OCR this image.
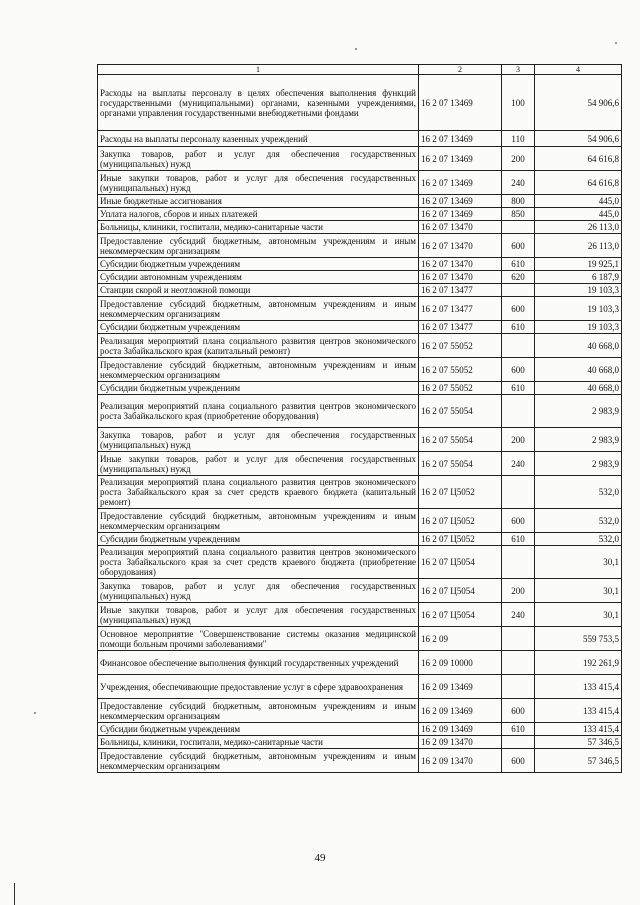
1	2	3	4
Расходы на выплаты персоналу в целях обеспечения выполнения функций государственными (муниципальными) органами, казенными учреждениями, органами управления государственными внебюджетными фондами	16 2 07 13469	100	54 906,6
Расходы на выплаты персоналу казенных учреждений	16 2 07 13469	110	54 906,6
Закупка товаров, работ и услуг для обеспечения государственных (муниципальных) нужд	16 2 07 13469	200	64 616,8
Иные закупки товаров, работ и услуг для обеспечения государственных (муниципальных) нужд	16 2 07 13469	240	64 616,8
Иные бюджетные ассигнования	16 2 07 13469	800	445,0
Уплата налогов, сборов и иных платежей	16 2 07 13469	850	445,0
Больницы, клиники, госпитали, медико-санитарные части	16 2 07 13470		26 113,0
Предоставление субсидий бюджетным, автономным учреждениям и иным некоммерческим организациям	16 2 07 13470	600	26 113,0
Субсидии бюджетным учреждениям	16 2 07 13470	610	19 925,1
Субсидии автономным учреждениям	16 2 07 13470	620	6 187,9
Станции скорой и неотложной помощи	16 2 07 13477		19 103,3
Предоставление субсидий бюджетным, автономным учреждениям и иным некоммерческим организациям	16 2 07 13477	600	19 103,3
Субсидии бюджетным учреждениям	16 2 07 13477	610	19 103,3
Реализация мероприятий плана социального развития центров экономического роста Забайкальского края (капитальный ремонт)	16 2 07 55052		40 668,0
Предоставление субсидий бюджетным, автономным учреждениям и иным некоммерческим организациям	16 2 07 55052	600	40 668,0
Субсидии бюджетным учреждениям	16 2 07 55052	610	40 668,0
Реализация мероприятий плана социального развития центров экономического роста Забайкальского края (приобретение оборудования)	16 2 07 55054		2 983,9
Закупка товаров, работ и услуг для обеспечения государственных (муниципальных) нужд	16 2 07 55054	200	2 983,9
Иные закупки товаров, работ и услуг для обеспечения государственных (муниципальных) нужд	16 2 07 55054	240	2 983,9
Реализация мероприятий плана социального развития центров экономического роста Забайкальского края за счет средств краевого бюджета (капитальный ремонт)	16 2 07 Ц5052		532,0
Предоставление субсидий бюджетным, автономным учреждениям и иным некоммерческим организациям	16 2 07 Ц5052	600	532,0
Субсидии бюджетным учреждениям	16 2 07 Ц5052	610	532,0
Реализация мероприятий плана социального развития центров экономического роста Забайкальского края за счет средств краевого бюджета (приобретение оборудования)	16 2 07 Ц5054		30,1
Закупка товаров, работ и услуг для обеспечения государственных (муниципальных) нужд	16 2 07 Ц5054	200	30,1
Иные закупки товаров, работ и услуг для обеспечения государственных (муниципальных) нужд	16 2 07 Ц5054	240	30,1
Основное мероприятие "Совершенствование системы оказания медицинской помощи больным прочими заболеваниями"	16 2 09		559 753,5
Финансовое обеспечение выполнения функций государственных учреждений	16 2 09 10000		192 261,9
Учреждения, обеспечивающие предоставление услуг в сфере здравоохранения	16 2 09 13469		133 415,4
Предоставление субсидий бюджетным, автономным учреждениям и иным некоммерческим организациям	16 2 09 13469	600	133 415,4
Субсидии бюджетным учреждениям	16 2 09 13469	610	133 415,4
Больницы, клиники, госпитали, медико-санитарные части	16 2 09 13470		57 346,5
Предоставление субсидий бюджетным, автономным учреждениям и иным некоммерческим организациям	16 2 09 13470	600	57 346,5
49
